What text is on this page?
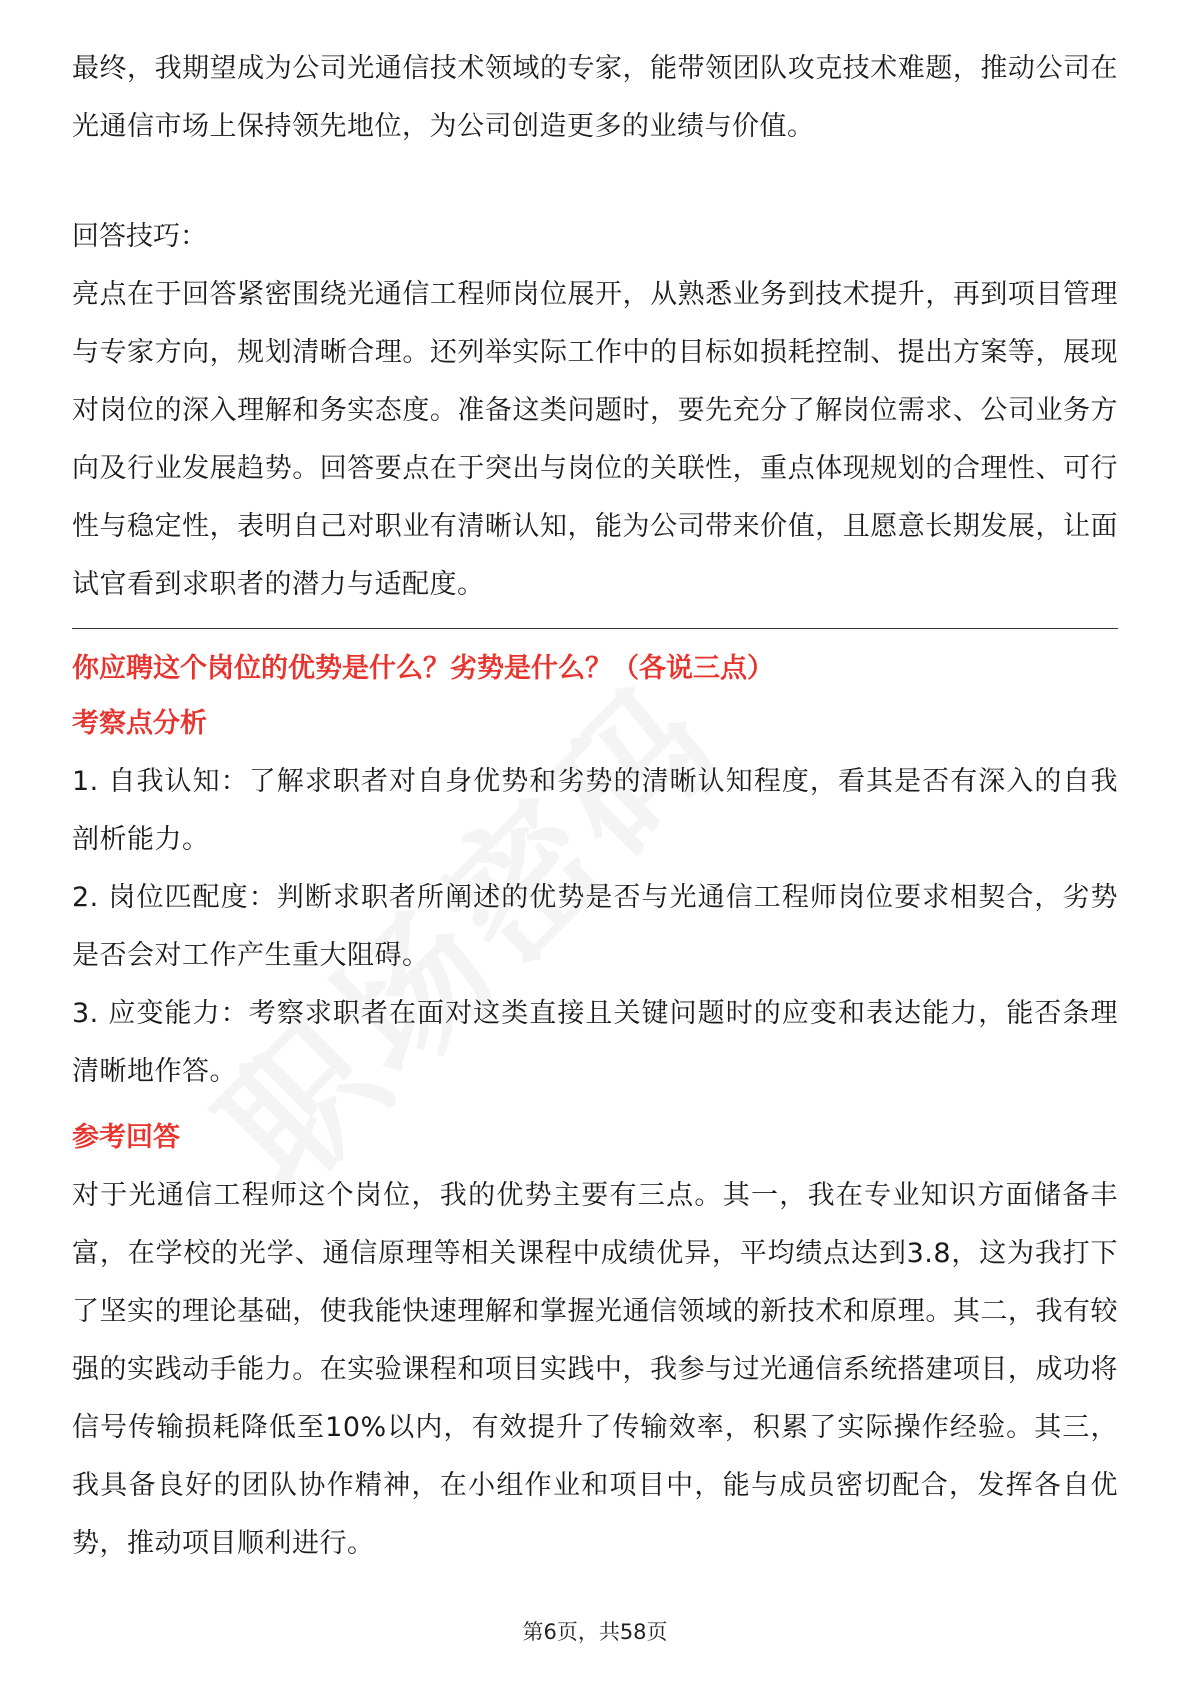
最终，我期望成为公司光通信技术领域的专家，能带领团队攻克技术难题，推动公司在光通信市场上保持领先地位，为公司创造更多的业绩与价值。

回答技巧：

亮点在于回答紧密围绕光通信工程师岗位展开，从熟悉业务到技术提升，再到项目管理与专家方向，规划清晰合理。还列举实际工作中的目标如损耗控制、提出方案等，展现对岗位的深入理解和务实态度。准备这类问题时，要先充分了解岗位需求、公司业务方向及行业发展趋势。回答要点在于突出与岗位的关联性，重点体现规划的合理性、可行性与稳定性，表明自己对职业有清晰认知，能为公司带来价值，且愿意长期发展，让面试官看到求职者的潜力与适配度。

你应聘这个岗位的优势是什么？劣势是什么？（各说三点）

考察点分析

1. 自我认知：了解求职者对自身优势和劣势的清晰认知程度，看其是否有深入的自我剖析能力。

2. 岗位匹配度：判断求职者所阐述的优势是否与光通信工程师岗位要求相契合，劣势是否会对工作产生重大阻碍。

3. 应变能力：考察求职者在面对这类直接且关键问题时的应变和表达能力，能否条理清晰地作答。

参考回答

对于光通信工程师这个岗位，我的优势主要有三点。其一，我在专业知识方面储备丰富，在学校的光学、通信原理等相关课程中成绩优异，平均绩点达到3.8，这为我打下了坚实的理论基础，使我能快速理解和掌握光通信领域的新技术和原理。其二，我有较强的实践动手能力。在实验课程和项目实践中，我参与过光通信系统搭建项目，成功将信号传输损耗降低至10%以内，有效提升了传输效率，积累了实际操作经验。其三，我具备良好的团队协作精神，在小组作业和项目中，能与成员密切配合，发挥各自优势，推动项目顺利进行。

第6页，共58页
